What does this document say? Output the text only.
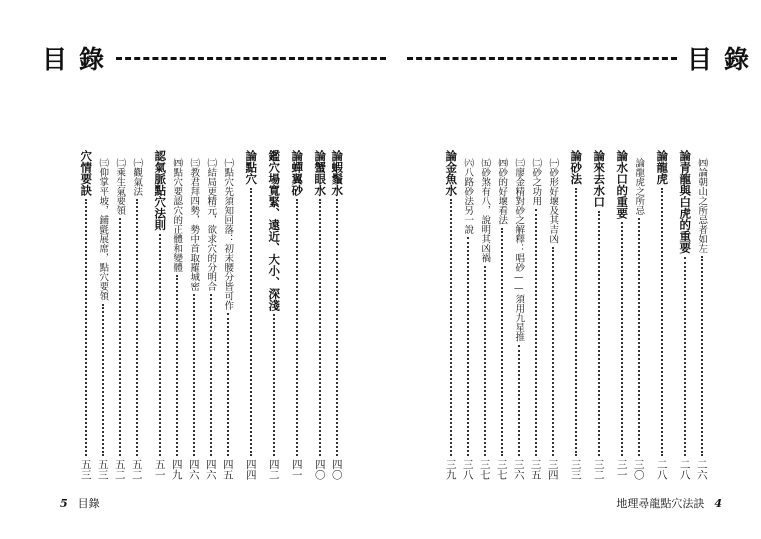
目錄
論蝦鬚水
四〇
論蟹眼水
四〇
論蟬翼砂
四一
鑑穴場寬緊、遠近、大小、深淺
四二
論點穴
四四
㈠點穴先須知回落：初末腰分皆可作
四五
㈡結局更精元，欲求穴的分明合
四六
㈢教君拜四勢，勢中首取羅城密
四六
㈣點穴要認穴的正體和變體
四九
認氣脈點穴法則
五一
㈠觀氣法
五二
㈡乘生氣要領
五二
㈢仰掌平坡，鋪氈展席，點穴要領
五三
穴情要訣
五三
5 目錄
目錄
㈣論朝山之所忌者如左
二六
論青龍與白虎的重要
二八
論龍虎
二八
論龍虎之所忌
三〇
論水口的重要
三一
論來去水口
三二
論砂法
三三
㈠砂形好壞及其吉凶
三四
㈡砂之功用
三五
㈢廖金精對砂之解釋：唱砂——須用九星推
三六
㈣砂的好壞看法
三七
㈤砂煞有八，說明其凶禍
三七
㈥八路砂法另一說
三八
論金魚水
三九
地理尋龍點穴法訣 4
